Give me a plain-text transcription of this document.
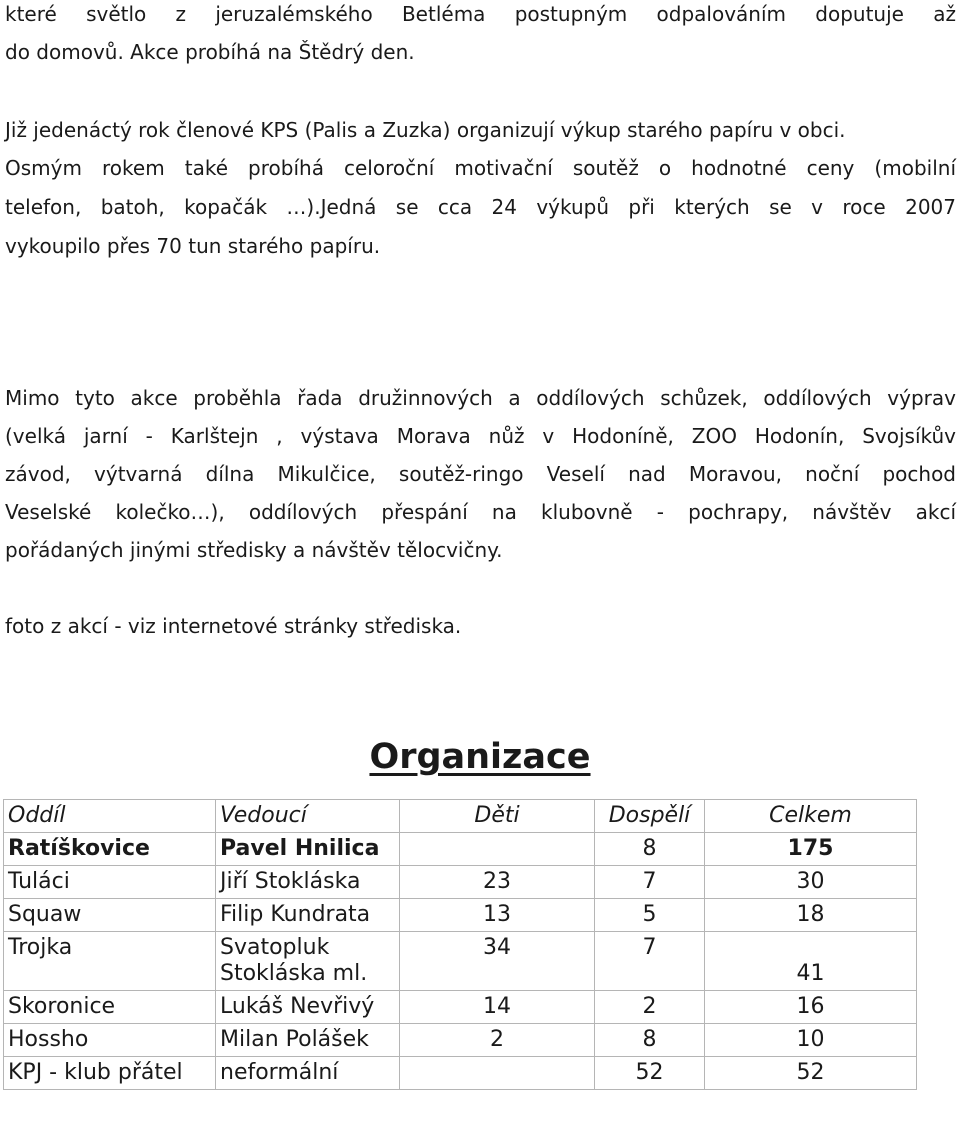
které světlo z jeruzalémského Betléma postupným odpalováním doputuje až

do domovů. Akce probíhá na Štědrý den.

Již jedenáctý rok členové KPS (Palis a Zuzka) organizují výkup starého papíru v obci.

Osmým rokem také probíhá celoroční motivační soutěž o hodnotné ceny (mobilní

telefon, batoh, kopačák …).Jedná se cca 24 výkupů při kterých se v roce 2007

vykoupilo přes 70 tun starého papíru.

Mimo tyto akce proběhla řada družinnových a oddílových schůzek, oddílových výprav

(velká jarní - Karlštejn , výstava Morava nůž v Hodoníně, ZOO Hodonín, Svojsíkův

závod, výtvarná dílna Mikulčice, soutěž-ringo Veselí nad Moravou, noční pochod

Veselské kolečko…), oddílových přespání na klubovně - pochrapy, návštěv akcí

pořádaných jinými středisky a návštěv tělocvičny.

foto z akcí - viz internetové stránky střediska.

Organizace
Oddíl	Vedoucí	Děti	Dospělí	Celkem
Ratíškovice	Pavel Hnilica		8	175
Tuláci	Jiří Stokláska	23	7	30
Squaw	Filip Kundrata	13	5	18
Trojka	Svatopluk Stokláska ml.	34	7	41
Skoronice	Lukáš Nevřivý	14	2	16
Hossho	Milan Polášek	2	8	10
KPJ - klub přátel	neformální		52	52
